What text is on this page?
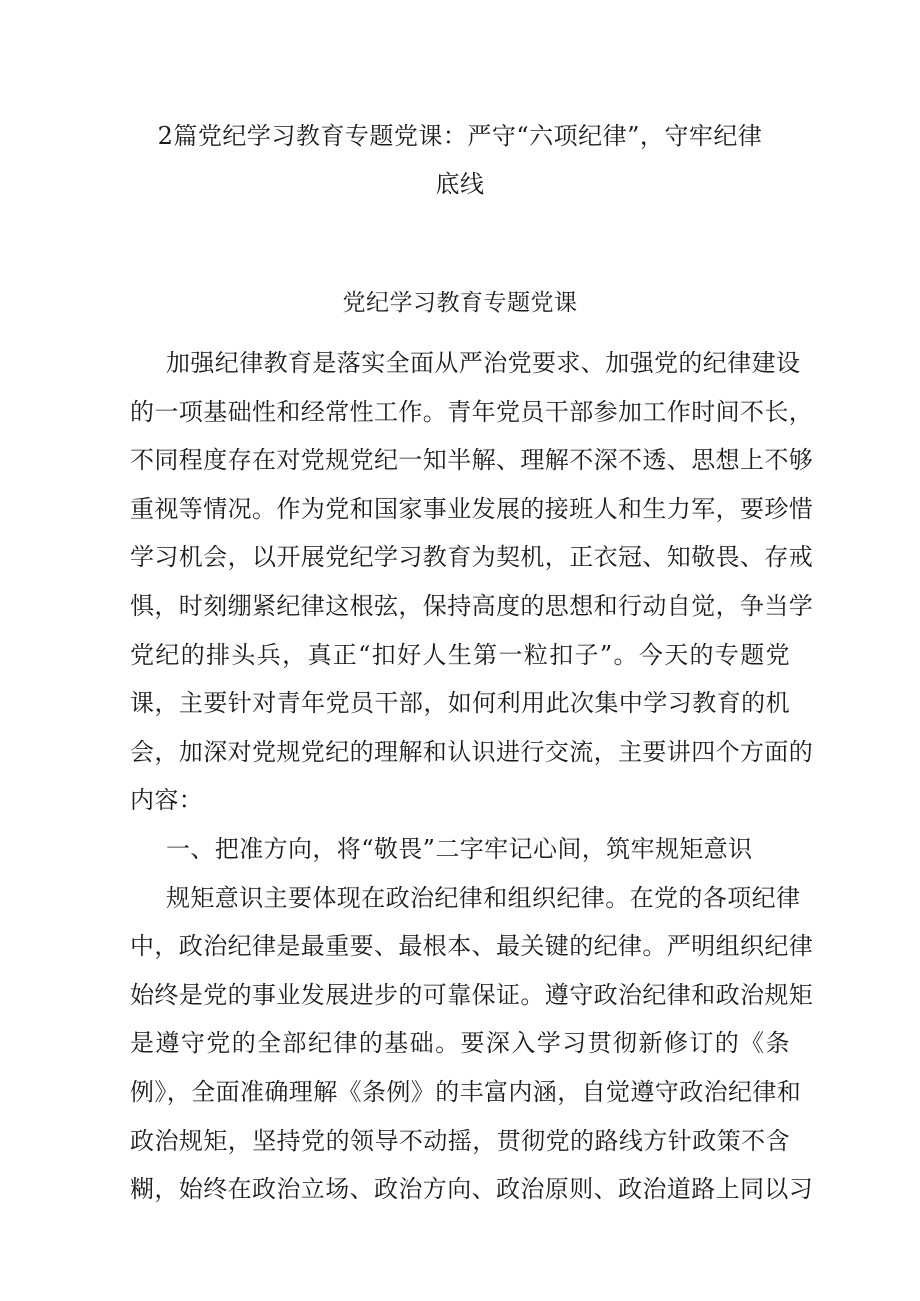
2篇党纪学习教育专题党课：严守“六项纪律”，守牢纪律
底线
党纪学习教育专题党课
加强纪律教育是落实全面从严治党要求、加强党的纪律建设
的一项基础性和经常性工作。青年党员干部参加工作时间不长，
不同程度存在对党规党纪一知半解、理解不深不透、思想上不够
重视等情况。作为党和国家事业发展的接班人和生力军，要珍惜
学习机会，以开展党纪学习教育为契机，正衣冠、知敬畏、存戒
惧，时刻绷紧纪律这根弦，保持高度的思想和行动自觉，争当学
党纪的排头兵，真正“扣好人生第一粒扣子”。今天的专题党
课，主要针对青年党员干部，如何利用此次集中学习教育的机
会，加深对党规党纪的理解和认识进行交流，主要讲四个方面的
内容：
一、把准方向，将“敬畏”二字牢记心间，筑牢规矩意识
规矩意识主要体现在政治纪律和组织纪律。在党的各项纪律
中，政治纪律是最重要、最根本、最关键的纪律。严明组织纪律
始终是党的事业发展进步的可靠保证。遵守政治纪律和政治规矩
是遵守党的全部纪律的基础。要深入学习贯彻新修订的《条
例》，全面准确理解《条例》的丰富内涵，自觉遵守政治纪律和
政治规矩，坚持党的领导不动摇，贯彻党的路线方针政策不含
糊，始终在政治立场、政治方向、政治原则、政治道路上同以习
